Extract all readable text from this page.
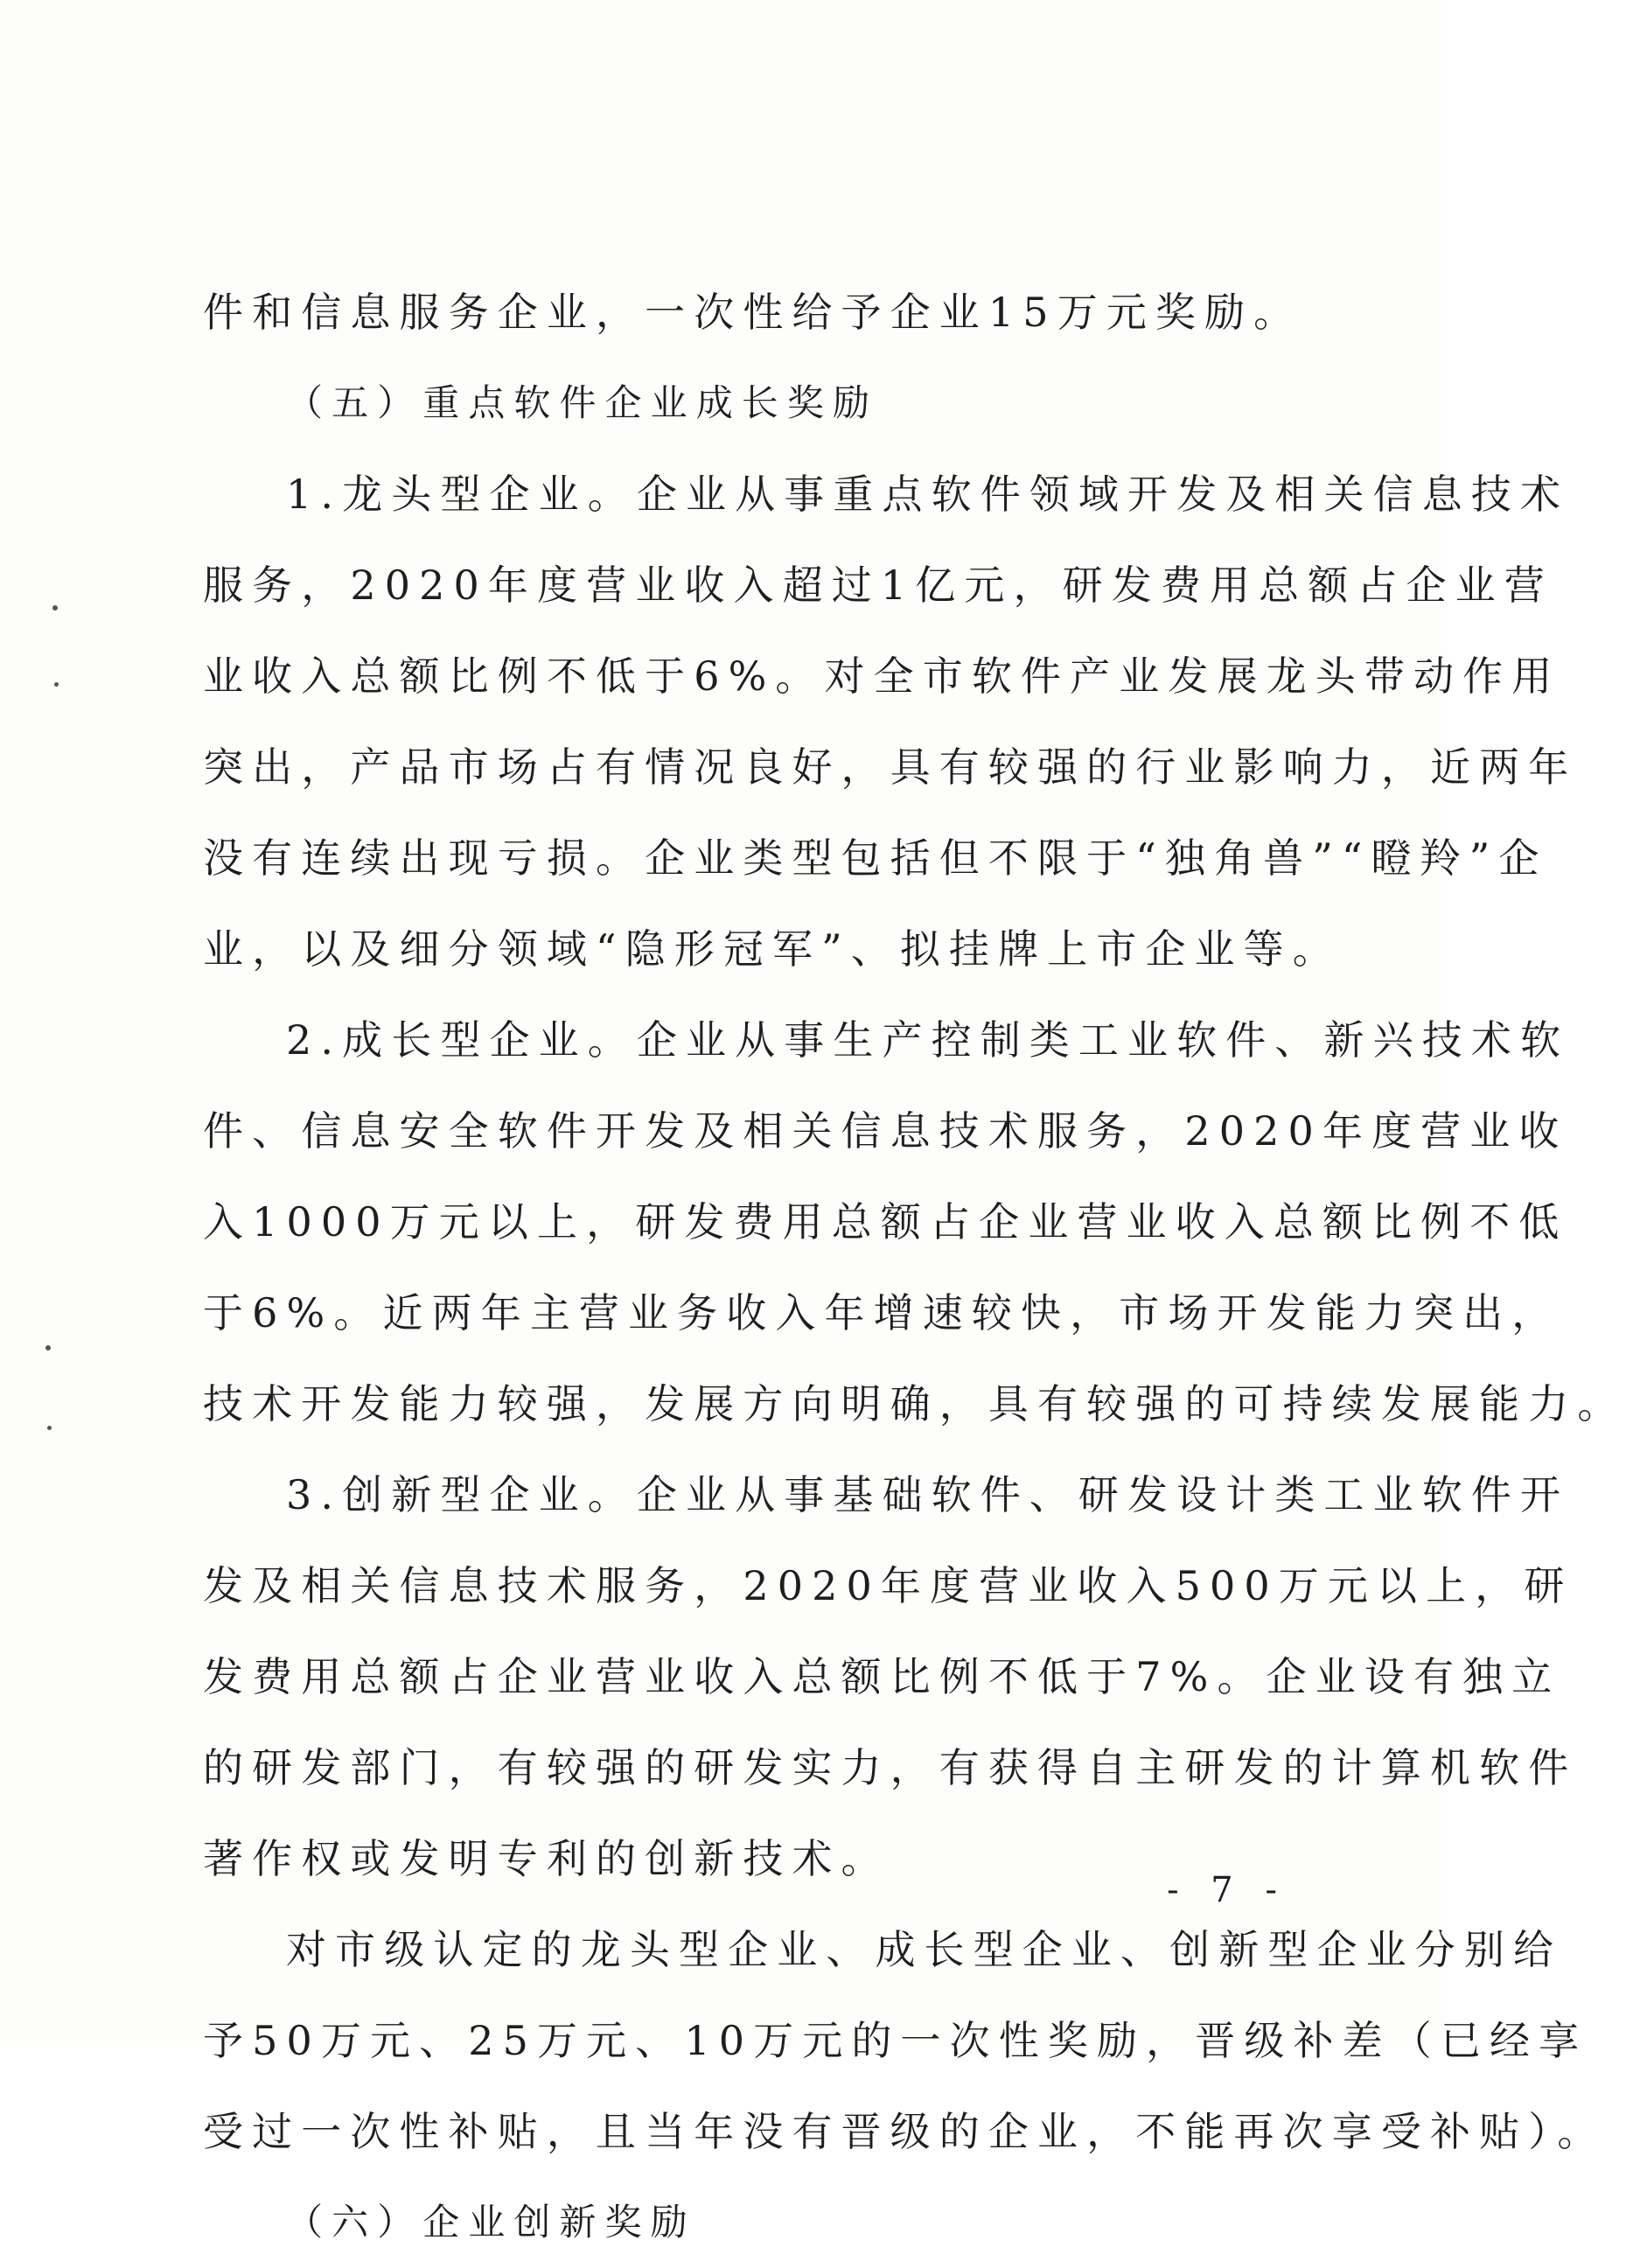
件和信息服务企业，一次性给予企业15万元奖励。
（五）重点软件企业成长奖励
1.龙头型企业。企业从事重点软件领域开发及相关信息技术
服务，2020年度营业收入超过1亿元，研发费用总额占企业营
业收入总额比例不低于6%。对全市软件产业发展龙头带动作用
突出，产品市场占有情况良好，具有较强的行业影响力，近两年
没有连续出现亏损。企业类型包括但不限于“独角兽”“瞪羚”企
业，以及细分领域“隐形冠军”、拟挂牌上市企业等。
2.成长型企业。企业从事生产控制类工业软件、新兴技术软
件、信息安全软件开发及相关信息技术服务，2020年度营业收
入1000万元以上，研发费用总额占企业营业收入总额比例不低
于6%。近两年主营业务收入年增速较快，市场开发能力突出，
技术开发能力较强，发展方向明确，具有较强的可持续发展能力。
3.创新型企业。企业从事基础软件、研发设计类工业软件开
发及相关信息技术服务，2020年度营业收入500万元以上，研
发费用总额占企业营业收入总额比例不低于7%。企业设有独立
的研发部门，有较强的研发实力，有获得自主研发的计算机软件
著作权或发明专利的创新技术。
对市级认定的龙头型企业、成长型企业、创新型企业分别给
予50万元、25万元、10万元的一次性奖励，晋级补差（已经享
受过一次性补贴，且当年没有晋级的企业，不能再次享受补贴）。
（六）企业创新奖励
- 7 -
